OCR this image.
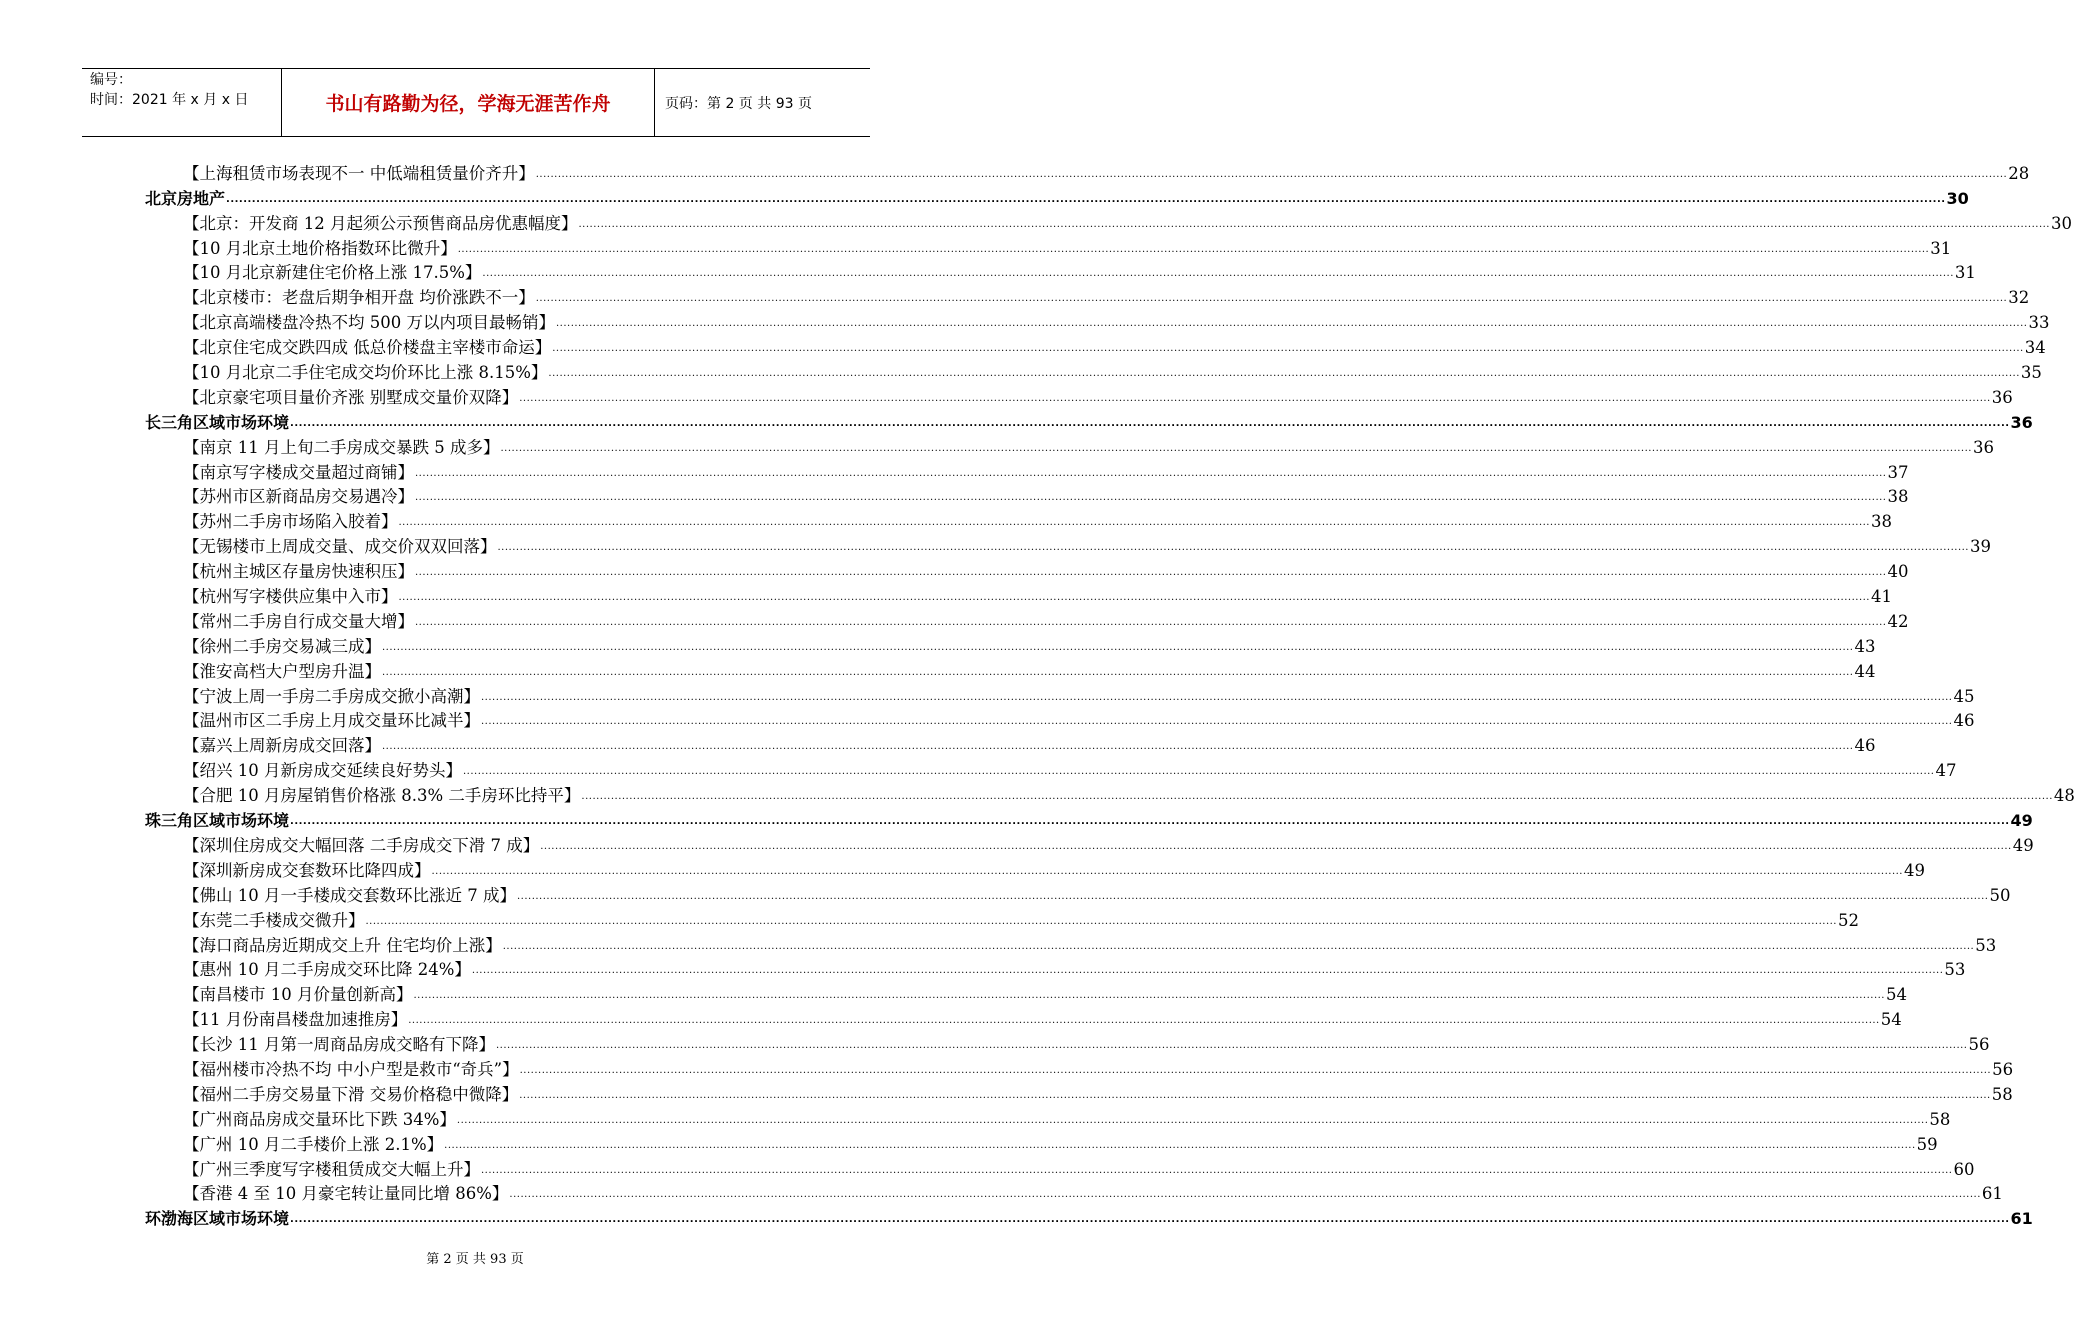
编号：
时间：2021 年 x 月 x 日	书山有路勤为径，学海无涯苦作舟	页码：第 2 页 共 93 页
【上海租赁市场表现不一 中低端租赁量价齐升】 ................................................................................................................................................................................................................................................................................................................................................................................................................ 28
北京房地产 ................................................................................................................................................................................................................................................................................................................................................................................................................ 30
【北京：开发商 12 月起须公示预售商品房优惠幅度】 ................................................................................................................................................................................................................................................................................................................................................................................................................ 30
【10 月北京土地价格指数环比微升】 ................................................................................................................................................................................................................................................................................................................................................................................................................ 31
【10 月北京新建住宅价格上涨 17.5%】 ................................................................................................................................................................................................................................................................................................................................................................................................................ 31
【北京楼市：老盘后期争相开盘 均价涨跌不一】 ................................................................................................................................................................................................................................................................................................................................................................................................................ 32
【北京高端楼盘冷热不均 500 万以内项目最畅销】 ................................................................................................................................................................................................................................................................................................................................................................................................................ 33
【北京住宅成交跌四成 低总价楼盘主宰楼市命运】 ................................................................................................................................................................................................................................................................................................................................................................................................................ 34
【10 月北京二手住宅成交均价环比上涨 8.15%】 ................................................................................................................................................................................................................................................................................................................................................................................................................ 35
【北京豪宅项目量价齐涨 别墅成交量价双降】 ................................................................................................................................................................................................................................................................................................................................................................................................................ 36
长三角区域市场环境 ................................................................................................................................................................................................................................................................................................................................................................................................................ 36
【南京 11 月上旬二手房成交暴跌 5 成多】 ................................................................................................................................................................................................................................................................................................................................................................................................................ 36
【南京写字楼成交量超过商铺】 ................................................................................................................................................................................................................................................................................................................................................................................................................ 37
【苏州市区新商品房交易遇冷】 ................................................................................................................................................................................................................................................................................................................................................................................................................ 38
【苏州二手房市场陷入胶着】 ................................................................................................................................................................................................................................................................................................................................................................................................................ 38
【无锡楼市上周成交量、成交价双双回落】 ................................................................................................................................................................................................................................................................................................................................................................................................................ 39
【杭州主城区存量房快速积压】 ................................................................................................................................................................................................................................................................................................................................................................................................................ 40
【杭州写字楼供应集中入市】 ................................................................................................................................................................................................................................................................................................................................................................................................................ 41
【常州二手房自行成交量大增】 ................................................................................................................................................................................................................................................................................................................................................................................................................ 42
【徐州二手房交易减三成】 ................................................................................................................................................................................................................................................................................................................................................................................................................ 43
【淮安高档大户型房升温】 ................................................................................................................................................................................................................................................................................................................................................................................................................ 44
【宁波上周一手房二手房成交掀小高潮】 ................................................................................................................................................................................................................................................................................................................................................................................................................ 45
【温州市区二手房上月成交量环比减半】 ................................................................................................................................................................................................................................................................................................................................................................................................................ 46
【嘉兴上周新房成交回落】 ................................................................................................................................................................................................................................................................................................................................................................................................................ 46
【绍兴 10 月新房成交延续良好势头】 ................................................................................................................................................................................................................................................................................................................................................................................................................ 47
【合肥 10 月房屋销售价格涨 8.3% 二手房环比持平】 ................................................................................................................................................................................................................................................................................................................................................................................................................ 48
珠三角区域市场环境 ................................................................................................................................................................................................................................................................................................................................................................................................................ 49
【深圳住房成交大幅回落 二手房成交下滑 7 成】 ................................................................................................................................................................................................................................................................................................................................................................................................................ 49
【深圳新房成交套数环比降四成】 ................................................................................................................................................................................................................................................................................................................................................................................................................ 49
【佛山 10 月一手楼成交套数环比涨近 7 成】 ................................................................................................................................................................................................................................................................................................................................................................................................................ 50
【东莞二手楼成交微升】 ................................................................................................................................................................................................................................................................................................................................................................................................................ 52
【海口商品房近期成交上升 住宅均价上涨】 ................................................................................................................................................................................................................................................................................................................................................................................................................ 53
【惠州 10 月二手房成交环比降 24%】 ................................................................................................................................................................................................................................................................................................................................................................................................................ 53
【南昌楼市 10 月价量创新高】 ................................................................................................................................................................................................................................................................................................................................................................................................................ 54
【11 月份南昌楼盘加速推房】 ................................................................................................................................................................................................................................................................................................................................................................................................................ 54
【长沙 11 月第一周商品房成交略有下降】 ................................................................................................................................................................................................................................................................................................................................................................................................................ 56
【福州楼市冷热不均 中小户型是救市“奇兵”】 ................................................................................................................................................................................................................................................................................................................................................................................................................ 56
【福州二手房交易量下滑 交易价格稳中微降】 ................................................................................................................................................................................................................................................................................................................................................................................................................ 58
【广州商品房成交量环比下跌 34%】 ................................................................................................................................................................................................................................................................................................................................................................................................................ 58
【广州 10 月二手楼价上涨 2.1%】 ................................................................................................................................................................................................................................................................................................................................................................................................................ 59
【广州三季度写字楼租赁成交大幅上升】 ................................................................................................................................................................................................................................................................................................................................................................................................................ 60
【香港 4 至 10 月豪宅转让量同比增 86%】 ................................................................................................................................................................................................................................................................................................................................................................................................................ 61
环渤海区域市场环境 ................................................................................................................................................................................................................................................................................................................................................................................................................ 61
第 2 页 共 93 页
